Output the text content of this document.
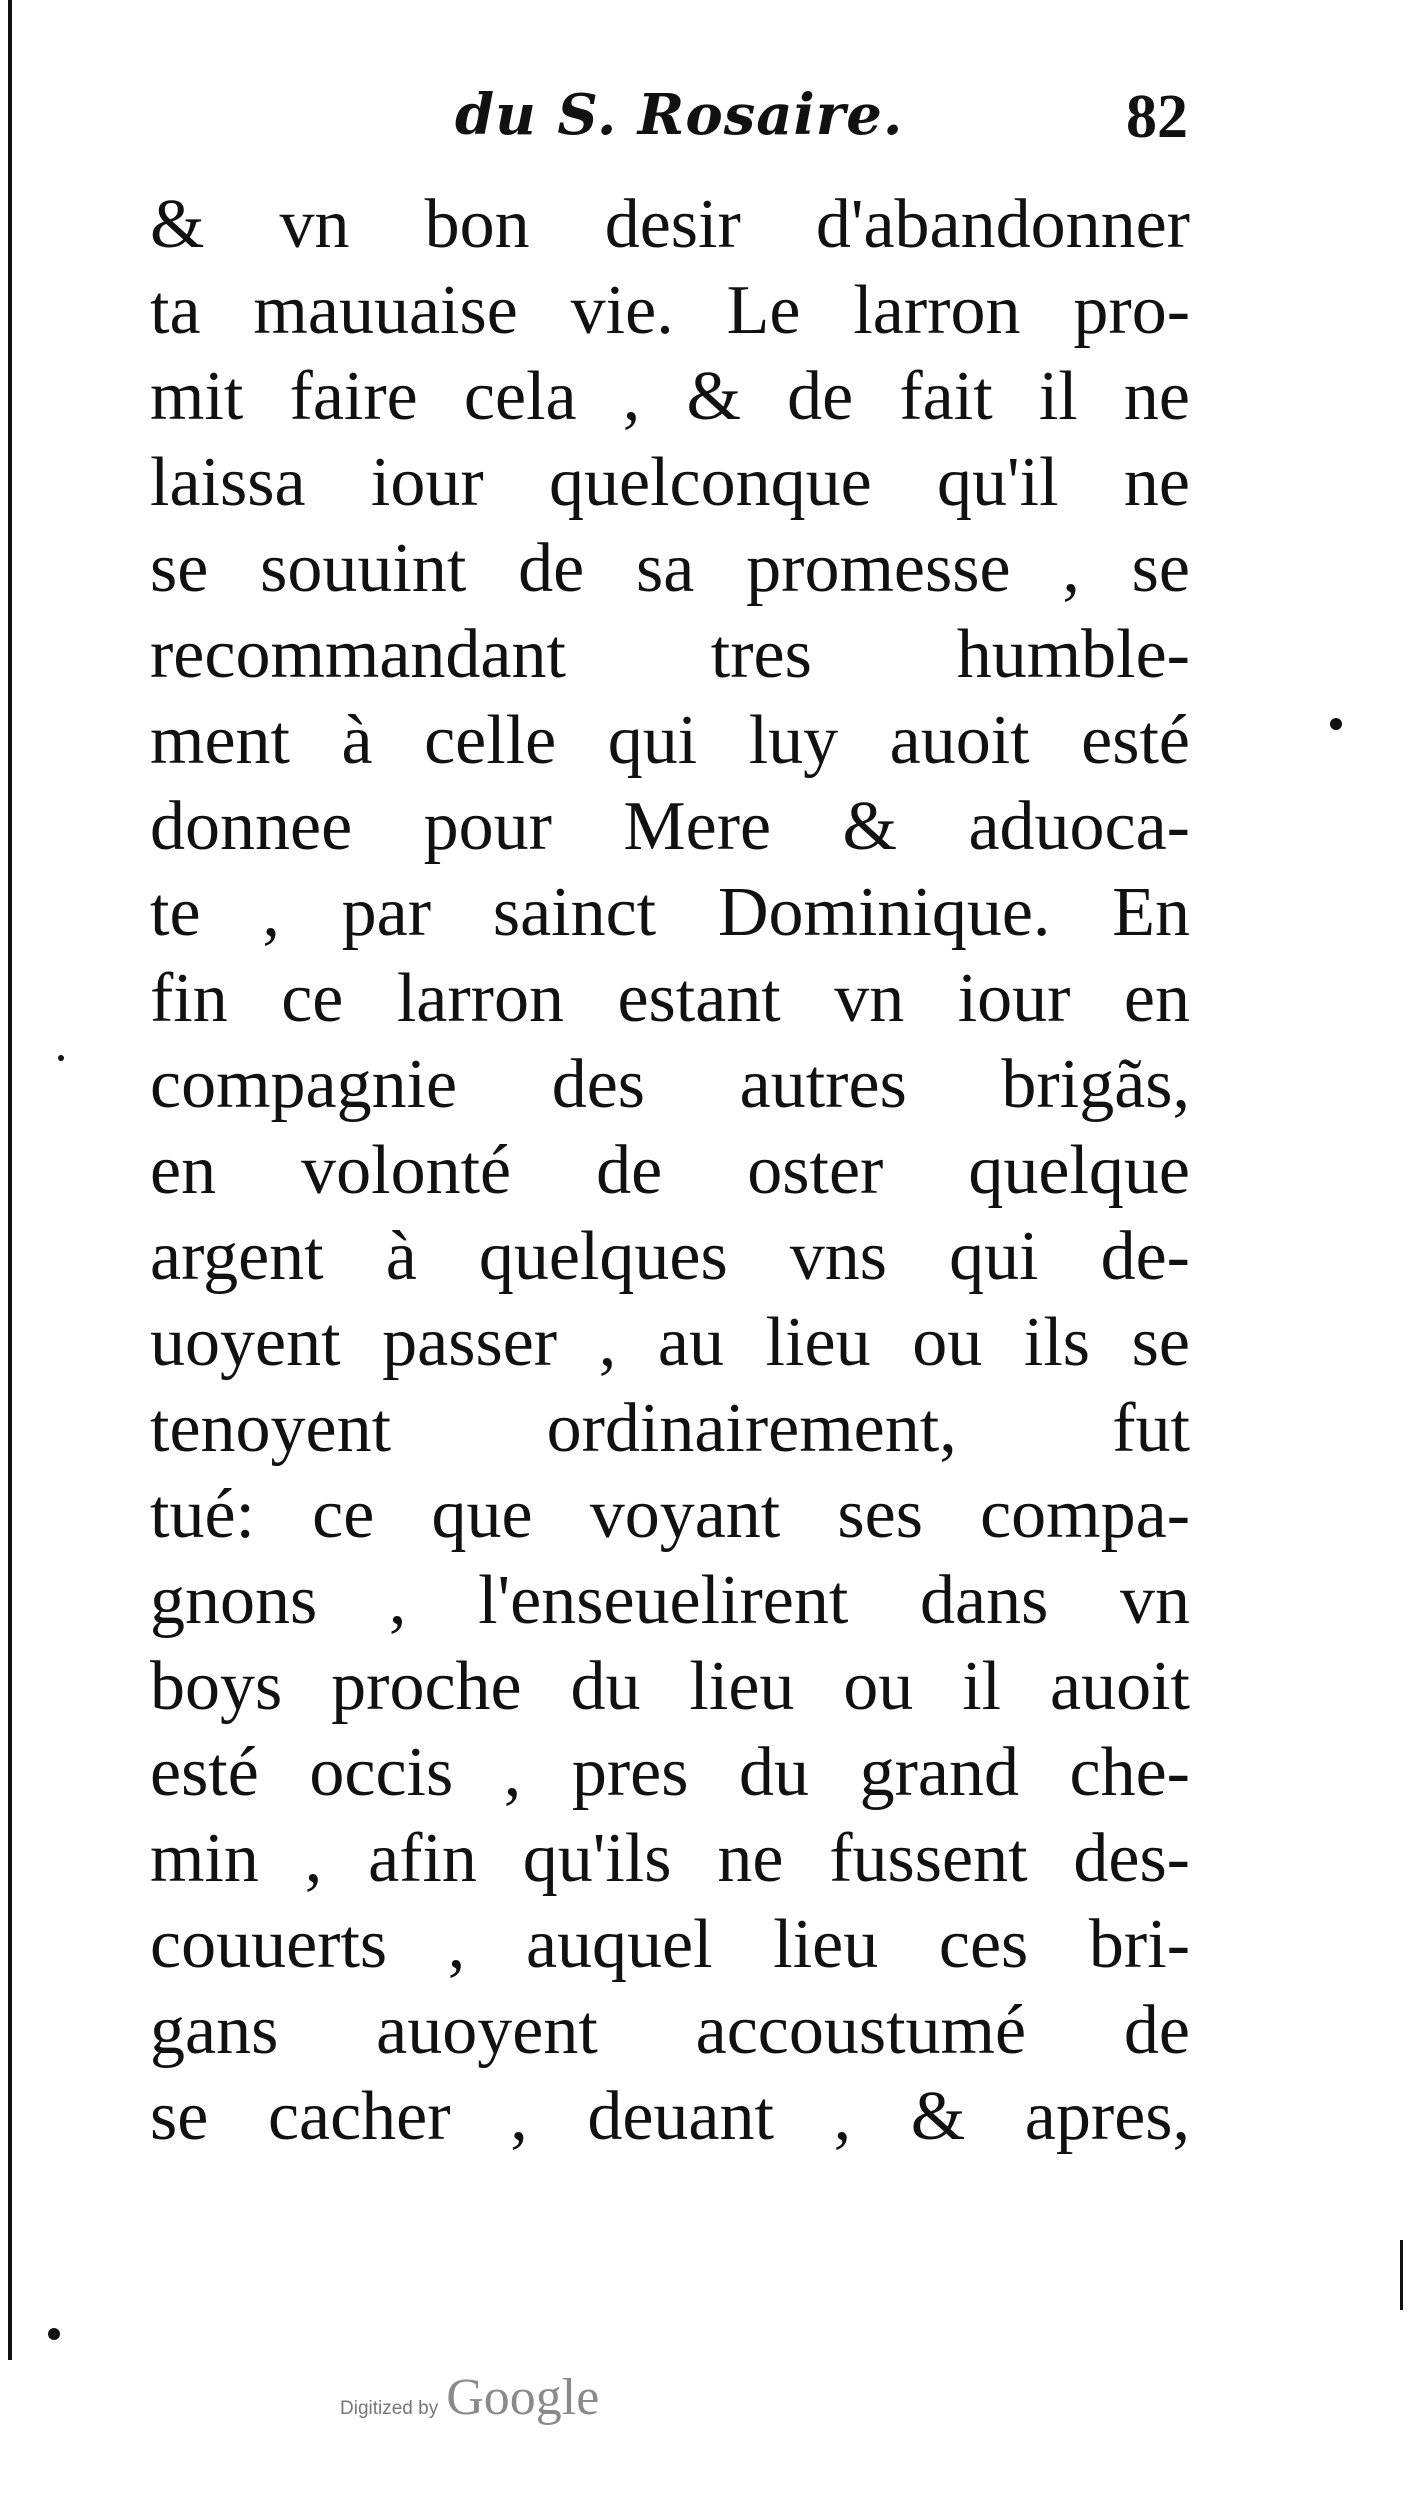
du S. Rosaire.	82
& vn bon desir d'abandonner
ta mauuaise vie. Le larron pro-
mit faire cela , & de fait il ne
laissa iour quelconque qu'il ne
se souuint de sa promesse , se
recommandant tres humble-
ment à celle qui luy auoit esté
donnee pour Mere & aduoca-
te , par sainct Dominique. En
fin ce larron estant vn iour en
compagnie des autres brigãs,
en volonté de oster quelque
argent à quelques vns qui de-
uoyent passer , au lieu ou ils se
tenoyent ordinairement, fut
tué: ce que voyant ses compa-
gnons , l'enseuelirent dans vn
boys proche du lieu ou il auoit
esté occis , pres du grand che-
min , afin qu'ils ne fussent des-
couuerts , auquel lieu ces bri-
gans auoyent accoustumé de
se cacher , deuant , & apres,
Digitized by Google
